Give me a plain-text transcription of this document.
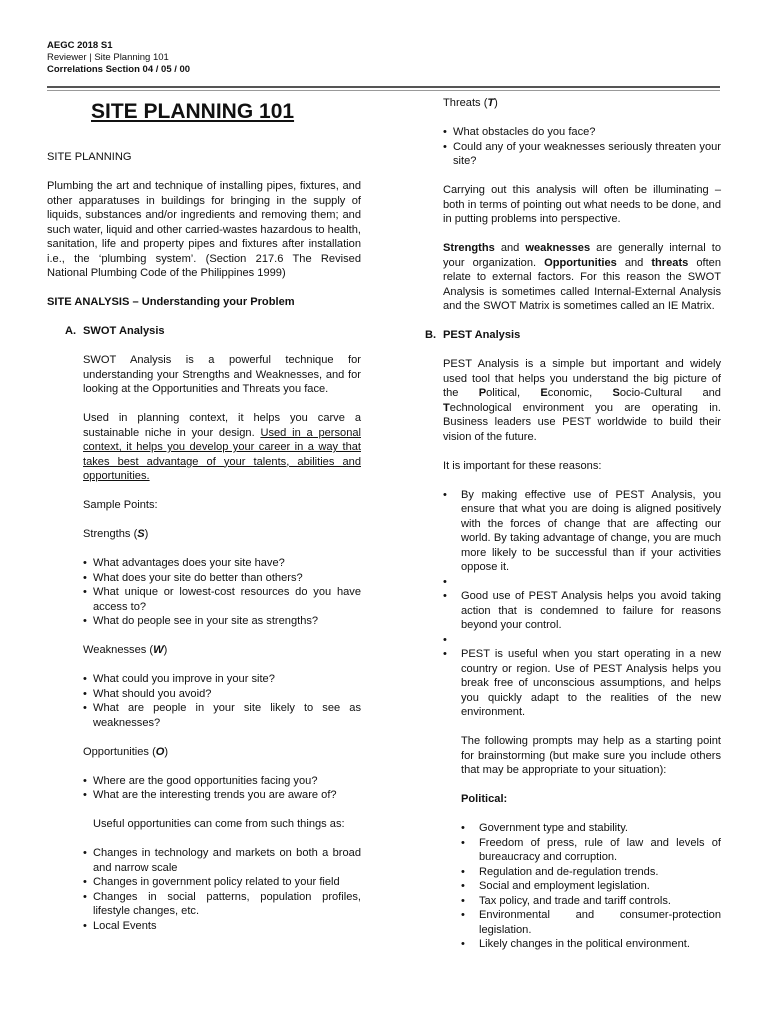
AEGC 2018 S1
Reviewer | Site Planning 101
Correlations Section 04 / 05 / 00
SITE PLANNING 101

SITE PLANNING

Plumbing the art and technique of installing pipes, fixtures, and other apparatuses in buildings for bringing in the supply of liquids, substances and/or ingredients and removing them; and such water, liquid and other carried-wastes hazardous to health, sanitation, life and property pipes and fixtures after installation i.e., the ‘plumbing system’. (Section 217.6 The Revised National Plumbing Code of the Philippines 1999)

SITE ANALYSIS – Understanding your Problem

A. SWOT Analysis

SWOT Analysis is a powerful technique for understanding your Strengths and Weaknesses, and for looking at the Opportunities and Threats you face.

Used in planning context, it helps you carve a sustainable niche in your design. Used in a personal context, it helps you develop your career in a way that takes best advantage of your talents, abilities and opportunities.

Sample Points:

Strengths (S)

• What advantages does your site have?
• What does your site do better than others?
• What unique or lowest-cost resources do you have access to?
• What do people see in your site as strengths?

Weaknesses (W)

• What could you improve in your site?
• What should you avoid?
• What are people in your site likely to see as weaknesses?

Opportunities (O)

• Where are the good opportunities facing you?
• What are the interesting trends you are aware of?

Useful opportunities can come from such things as:

• Changes in technology and markets on both a broad and narrow scale
• Changes in government policy related to your field
• Changes in social patterns, population profiles, lifestyle changes, etc.
• Local Events

Threats (T)

• What obstacles do you face?
• Could any of your weaknesses seriously threaten your site?

Carrying out this analysis will often be illuminating – both in terms of pointing out what needs to be done, and in putting problems into perspective.

Strengths and weaknesses are generally internal to your organization. Opportunities and threats often relate to external factors. For this reason the SWOT Analysis is sometimes called Internal-External Analysis and the SWOT Matrix is sometimes called an IE Matrix.

B. PEST Analysis

PEST Analysis is a simple but important and widely used tool that helps you understand the big picture of the Political, Economic, Socio-Cultural and Technological environment you are operating in. Business leaders use PEST worldwide to build their vision of the future.

It is important for these reasons:

• By making effective use of PEST Analysis, you ensure that what you are doing is aligned positively with the forces of change that are affecting our world. By taking advantage of change, you are much more likely to be successful than if your activities oppose it.
•
• Good use of PEST Analysis helps you avoid taking action that is condemned to failure for reasons beyond your control.
•
• PEST is useful when you start operating in a new country or region. Use of PEST Analysis helps you break free of unconscious assumptions, and helps you quickly adapt to the realities of the new environment.

The following prompts may help as a starting point for brainstorming (but make sure you include others that may be appropriate to your situation):

Political:

• Government type and stability.
• Freedom of press, rule of law and levels of bureaucracy and corruption.
• Regulation and de-regulation trends.
• Social and employment legislation.
• Tax policy, and trade and tariff controls.
• Environmental and consumer-protection legislation.
• Likely changes in the political environment.
